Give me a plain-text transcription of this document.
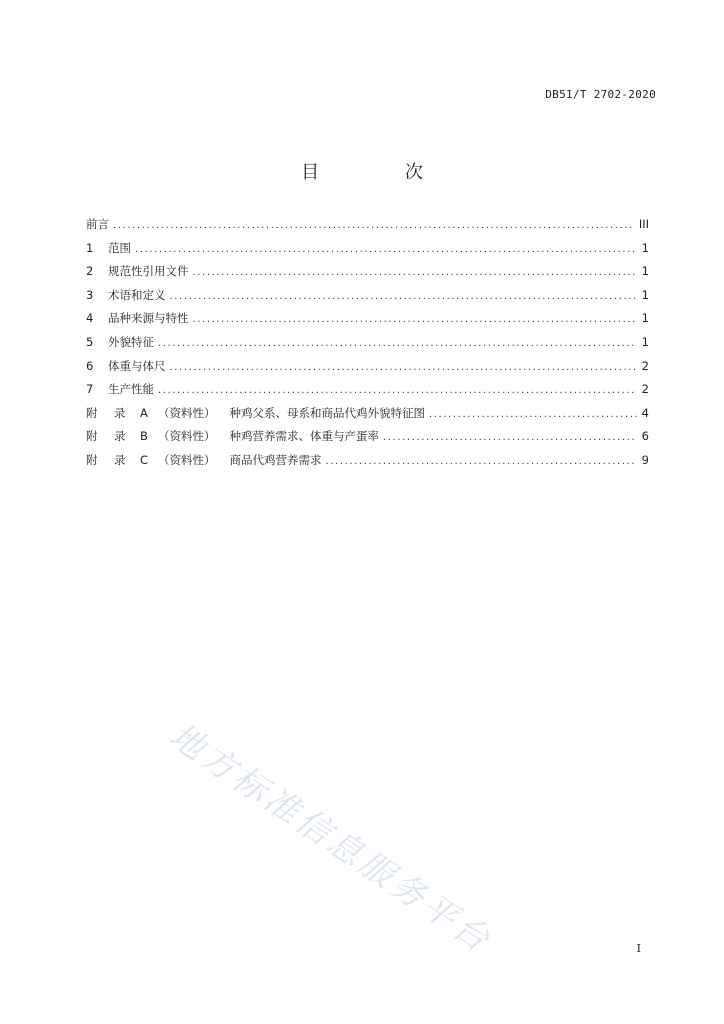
DB51/T 2702-2020
目 次
前言 .....	III
1 范围 .....	1
2 规范性引用文件 .....	1
3 术语和定义 .....	1
4 品种来源与特性 .....	1
5 外貌特征 .....	1
6 体重与体尺 .....	2
7 生产性能 .....	2
附 录 A （资料性） 种鸡父系、母系和商品代鸡外貌特征图 .....	4
附 录 B （资料性） 种鸡营养需求、体重与产蛋率 .....	6
附 录 C （资料性） 商品代鸡营养需求 .....	9
地方标准信息服务平台	I
